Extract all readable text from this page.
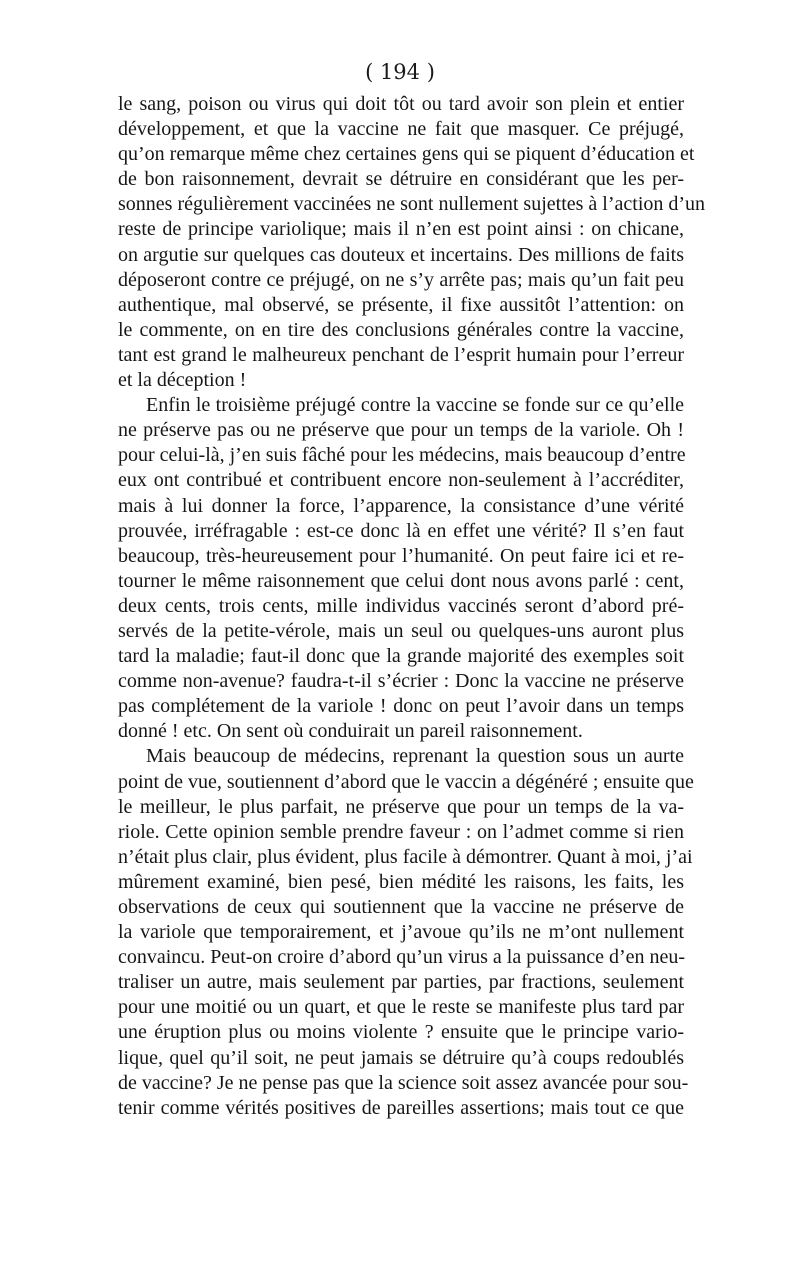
( 194 )
le sang, poison ou virus qui doit tôt ou tard avoir son plein et entier
développement, et que la vaccine ne fait que masquer. Ce préjugé,
qu’on remarque même chez certaines gens qui se piquent d’éducation et
de bon raisonnement, devrait se détruire en considérant que les per-
sonnes régulièrement vaccinées ne sont nullement sujettes à l’action d’un
reste de principe variolique; mais il n’en est point ainsi : on chicane,
on argutie sur quelques cas douteux et incertains. Des millions de faits
déposeront contre ce préjugé, on ne s’y arrête pas; mais qu’un fait peu
authentique, mal observé, se présente, il fixe aussitôt l’attention: on
le commente, on en tire des conclusions générales contre la vaccine,
tant est grand le malheureux penchant de l’esprit humain pour l’erreur
et la déception !
Enfin le troisième préjugé contre la vaccine se fonde sur ce qu’elle
ne préserve pas ou ne préserve que pour un temps de la variole. Oh !
pour celui-là, j’en suis fâché pour les médecins, mais beaucoup d’entre
eux ont contribué et contribuent encore non-seulement à l’accréditer,
mais à lui donner la force, l’apparence, la consistance d’une vérité
prouvée, irréfragable : est-ce donc là en effet une vérité? Il s’en faut
beaucoup, très-heureusement pour l’humanité. On peut faire ici et re-
tourner le même raisonnement que celui dont nous avons parlé : cent,
deux cents, trois cents, mille individus vaccinés seront d’abord pré-
servés de la petite-vérole, mais un seul ou quelques-uns auront plus
tard la maladie; faut-il donc que la grande majorité des exemples soit
comme non-avenue? faudra-t-il s’écrier : Donc la vaccine ne préserve
pas complétement de la variole ! donc on peut l’avoir dans un temps
donné ! etc. On sent où conduirait un pareil raisonnement.
Mais beaucoup de médecins, reprenant la question sous un aurte
point de vue, soutiennent d’abord que le vaccin a dégénéré ; ensuite que
le meilleur, le plus parfait, ne préserve que pour un temps de la va-
riole. Cette opinion semble prendre faveur : on l’admet comme si rien
n’était plus clair, plus évident, plus facile à démontrer. Quant à moi, j’ai
mûrement examiné, bien pesé, bien médité les raisons, les faits, les
observations de ceux qui soutiennent que la vaccine ne préserve de
la variole que temporairement, et j’avoue qu’ils ne m’ont nullement
convaincu. Peut-on croire d’abord qu’un virus a la puissance d’en neu-
traliser un autre, mais seulement par parties, par fractions, seulement
pour une moitié ou un quart, et que le reste se manifeste plus tard par
une éruption plus ou moins violente ? ensuite que le principe vario-
lique, quel qu’il soit, ne peut jamais se détruire qu’à coups redoublés
de vaccine? Je ne pense pas que la science soit assez avancée pour sou-
tenir comme vérités positives de pareilles assertions; mais tout ce que
